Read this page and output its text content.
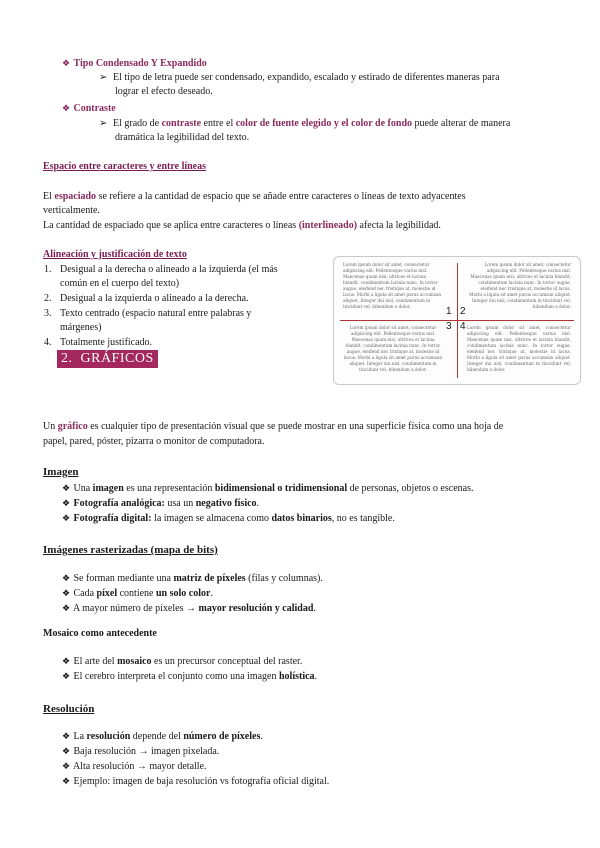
❖ Tipo Condensado Y Expandido
➢ El tipo de letra puede ser condensado, expandido, escalado y estirado de diferentes maneras para
lograr el efecto deseado.
❖ Contraste
➢ El grado de contraste entre el color de fuente elegido y el color de fondo puede alterar de manera
dramática la legibilidad del texto.
Espacio entre caracteres y entre líneas
El espaciado se refiere a la cantidad de espacio que se añade entre caracteres o líneas de texto adyacentes
verticalmente.
La cantidad de espaciado que se aplica entre caracteres o líneas (interlineado) afecta la legibilidad.
Alineación y justificación de texto
1. Desigual a la derecha o alineado a la izquierda (el más
común en el cuerpo del texto)
2. Desigual a la izquierda o alineado a la derecha.
3. Texto centrado (espacio natural entre palabras y
márgenes)
4. Totalmente justificado.
Lorem ipsum dolor sit amet, consectetur adipiscing elit. Pellentesque varius nisl. Maecenas quam nisi, ultrices et lacinia blandit, condimentum lacinia nunc. In tortor augue, eleifend nec tristique at, molestie id lacus. Morbi a ligula sit amet purus accumsan aliquet. Integer dui nisl, condimentum in tincidunt vel, bibendum a dolor.
Lorem ipsum dolor sit amet, consectetur adipiscing elit. Pellentesque varius nisl. Maecenas quam nisi, ultrices et lacinia blandit, condimentum lacinia nunc. In tortor augue, eleifend nec tristique at, molestie id lacus. Morbi a ligula sit amet purus accumsan aliquet. Integer dui nisl, condimentum in tincidunt vel, bibendum a dolor.
Lorem ipsum dolor sit amet, consectetur adipiscing elit. Pellentesque varius nisl. Maecenas quam nisi, ultrices et lacinia blandit, condimentum lacinia nunc. In tortor augue, eleifend nec tristique at, molestie id lacus. Morbi a ligula sit amet purus accumsan aliquet. Integer dui nisl, condimentum in tincidunt vel, bibendum a dolor.
Lorem ipsum dolor sit amet, consectetur adipiscing elit. Pellentesque varius nisl. Maecenas quam nisi, ultrices et lacinia blandit, condimentum lacinia nunc. In tortor augue, eleifend nec tristique at, molestie id lacus. Morbi a ligula sit amet purus accumsan aliquet. Integer dui nisl, condimentum in tincidunt vel, bibendum a dolor.
1 2
3 4
2. GRÁFICOS
Un gráfico es cualquier tipo de presentación visual que se puede mostrar en una superficie física como una hoja de
papel, pared, póster, pizarra o monitor de computadora.
Imagen
❖ Una imagen es una representación bidimensional o tridimensional de personas, objetos o escenas.
❖ Fotografía analógica: usa un negativo físico.
❖ Fotografía digital: la imagen se almacena como datos binarios, no es tangible.
Imágenes rasterizadas (mapa de bits)
❖ Se forman mediante una matriz de píxeles (filas y columnas).
❖ Cada píxel contiene un solo color.
❖ A mayor número de píxeles → mayor resolución y calidad.
Mosaico como antecedente
❖ El arte del mosaico es un precursor conceptual del raster.
❖ El cerebro interpreta el conjunto como una imagen holística.
Resolución
❖ La resolución depende del número de píxeles.
❖ Baja resolución → imagen pixelada.
❖ Alta resolución → mayor detalle.
❖ Ejemplo: imagen de baja resolución vs fotografía oficial digital.
